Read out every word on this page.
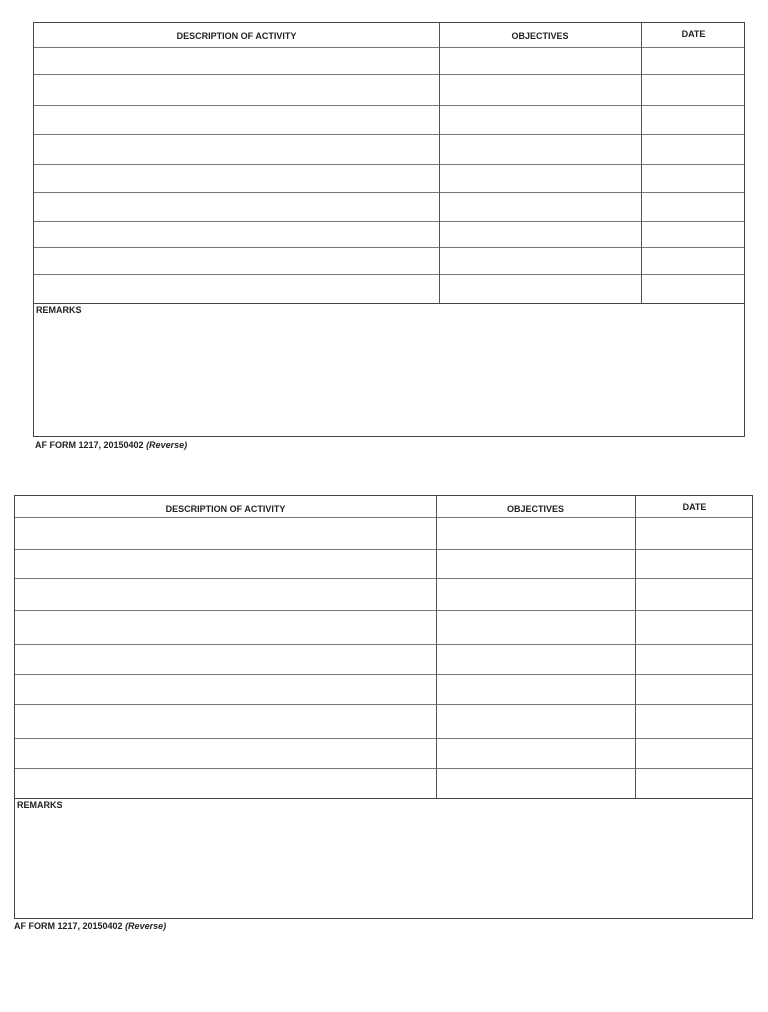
DESCRIPTION OF ACTIVITY	OBJECTIVES	DATE
REMARKS
AF FORM 1217, 20150402 (Reverse)
DESCRIPTION OF ACTIVITY	OBJECTIVES	DATE
REMARKS
AF FORM 1217, 20150402 (Reverse)
